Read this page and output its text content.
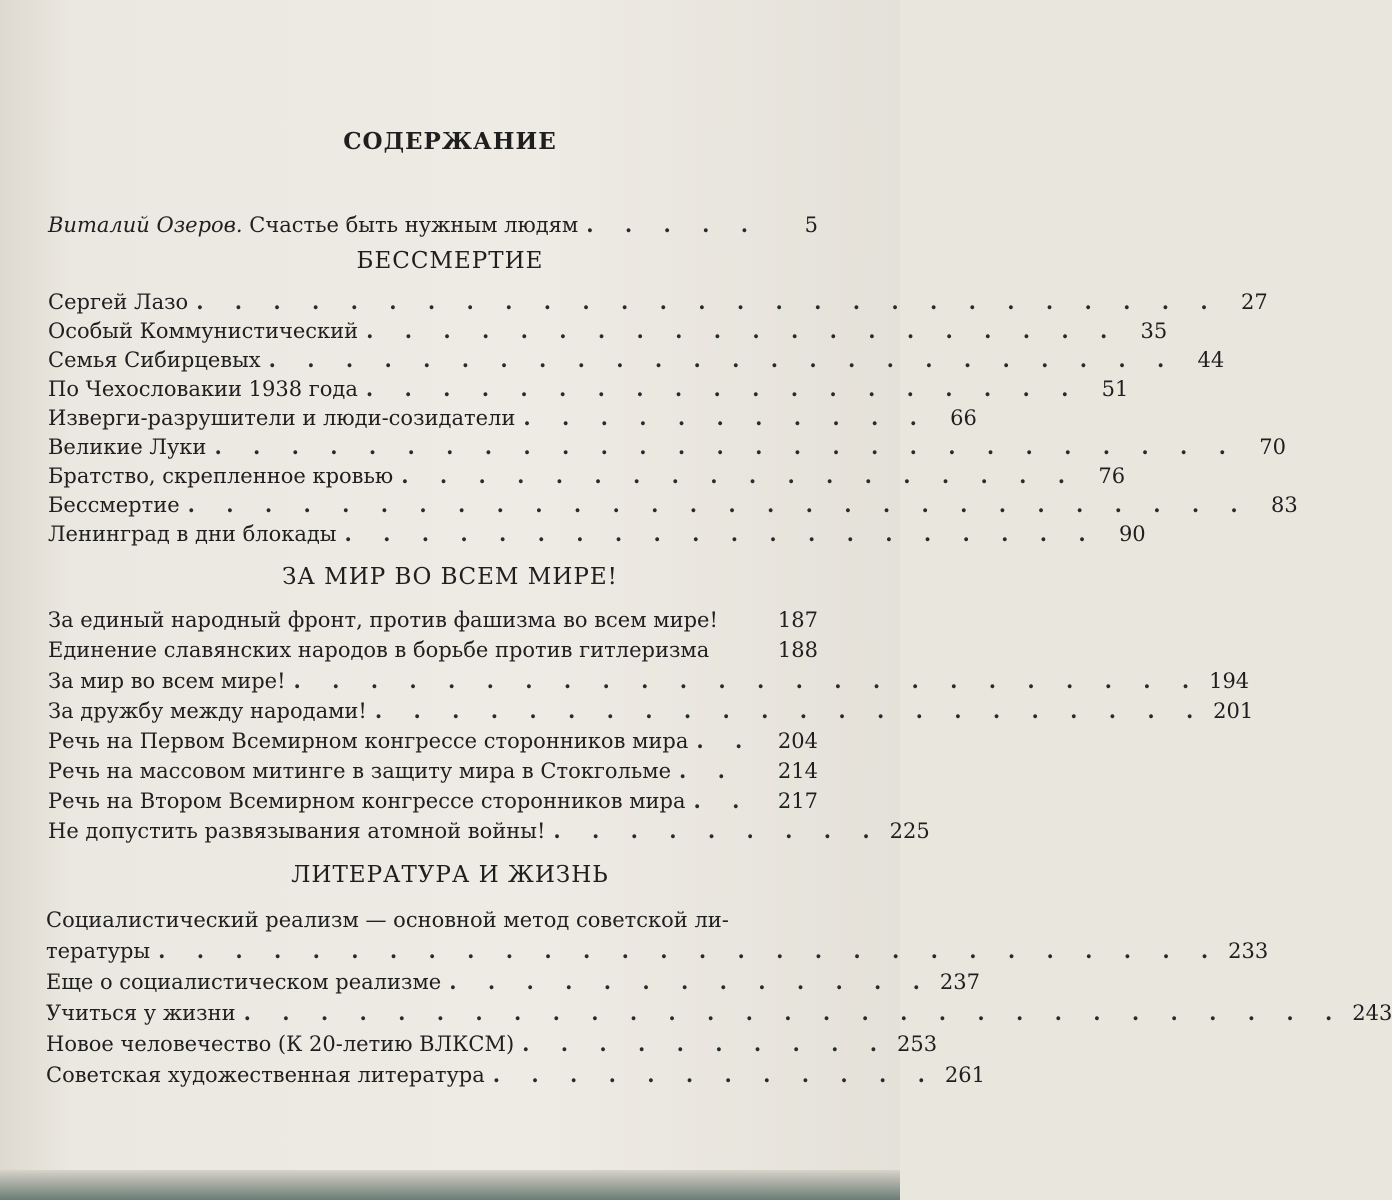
СОДЕРЖАНИЕ
Виталий Озеров. Счастье быть нужным людям . . . . .	5
БЕССМЕРТИЕ
Сергей Лазо . . . . . . . . . . . . . . . . . . . . . . . . . . .	27
Особый Коммунистический . . . . . . . . . . . . . . . . . . . .	35
Семья Сибирцевых . . . . . . . . . . . . . . . . . . . . . . . .	44
По Чехословакии 1938 года . . . . . . . . . . . . . . . . . . .	51
Изверги-разрушители и люди-созидатели . . . . . . . . . . .	66
Великие Луки . . . . . . . . . . . . . . . . . . . . . . . . . . .	70
Братство, скрепленное кровью . . . . . . . . . . . . . . . . . .	76
Бессмертие . . . . . . . . . . . . . . . . . . . . . . . . . . . .	83
Ленинград в дни блокады . . . . . . . . . . . . . . . . . . . .	90
ЗА МИР ВО ВСЕМ МИРЕ!
За единый народный фронт, против фашизма во всем мире!	187
Единение славянских народов в борьбе против гитлеризма	188
За мир во всем мире! . . . . . . . . . . . . . . . . . . . . . . . . 194
За дружбу между народами! . . . . . . . . . . . . . . . . . . . . . . 201
Речь на Первом Всемирном конгрессе сторонников мира . .	204
Речь на массовом митинге в защиту мира в Стокгольме . .	214
Речь на Втором Всемирном конгрессе сторонников мира . .	217
Не допустить развязывания атомной войны! . . . . . . . . . 225
ЛИТЕРАТУРА И ЖИЗНЬ
Социалистический реализм — основной метод советской ли-
тературы . . . . . . . . . . . . . . . . . . . . . . . . . . . . 233
Еще о социалистическом реализме . . . . . . . . . . . . . 237
Учиться у жизни . . . . . . . . . . . . . . . . . . . . . . . . . . . . . 243
Новое человечество (К 20-летию ВЛКСМ) . . . . . . . . . . 253
Советская художественная литература . . . . . . . . . . . . 261
